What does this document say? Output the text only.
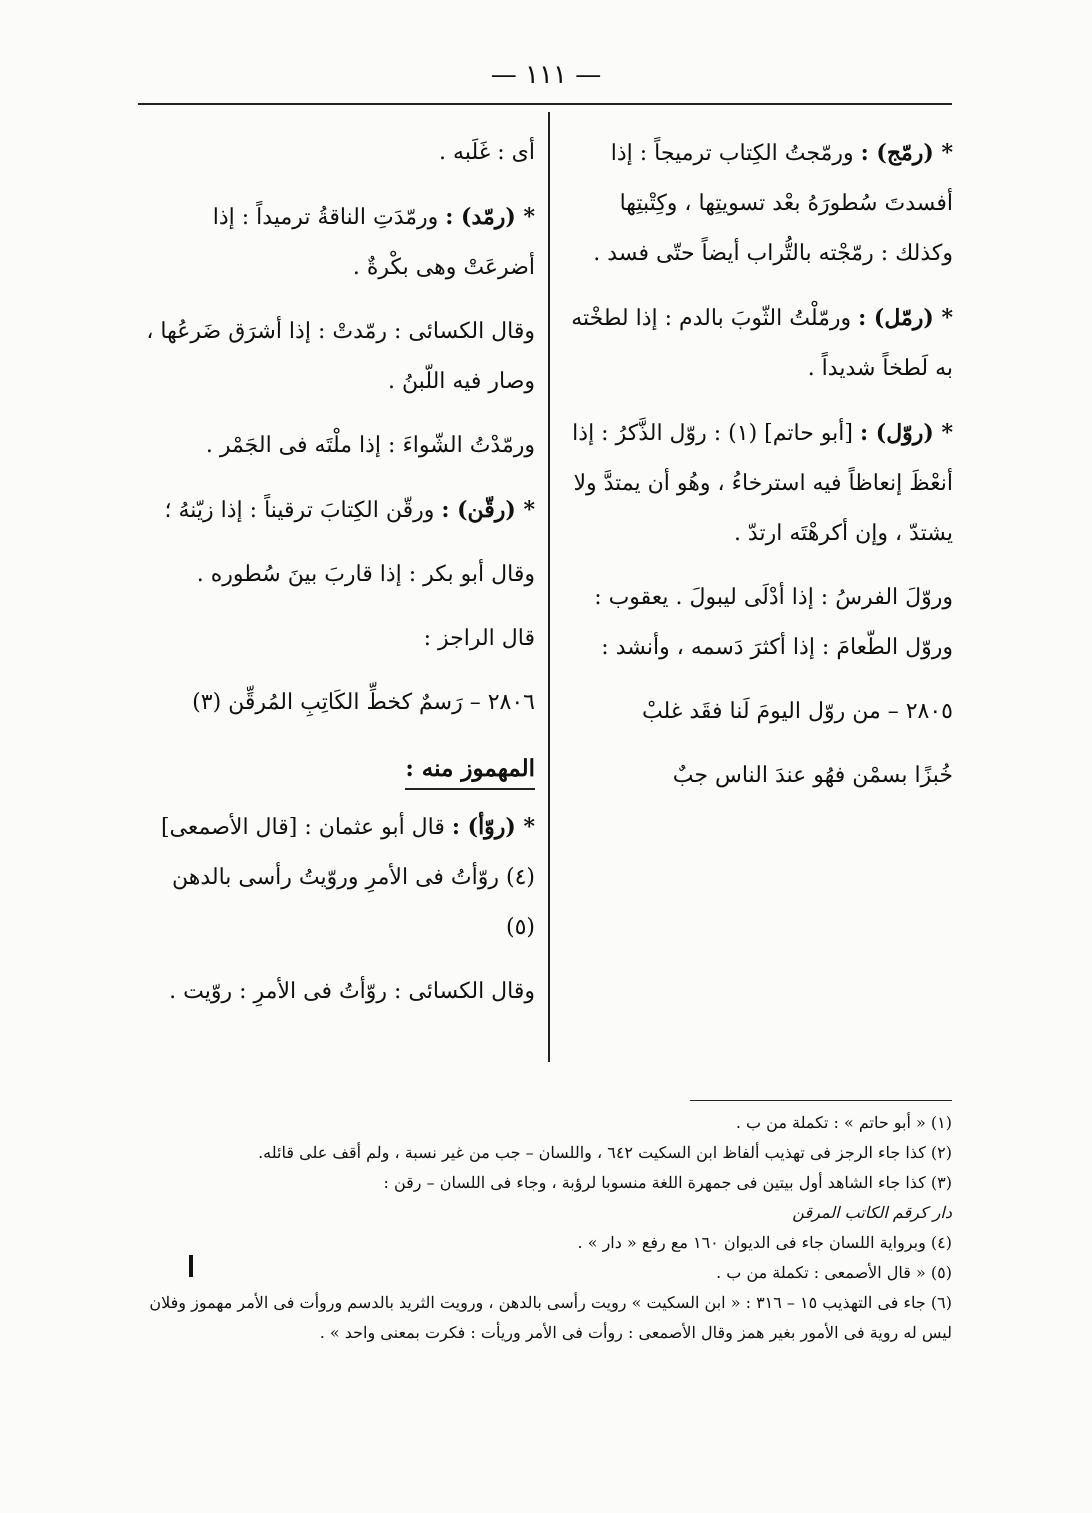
— ١١١ —
* (رمّج) : ورمّجتُ الكِتاب ترميجاً : إذا أفسدتَ سُطورَهُ بعْد تسويتِها ، وكِتْبتِها وكذلك : رمّجْته بالتُّراب أيضاً حتّى فسد .
* (رمّل) : ورمّلْتُ الثّوبَ بالدم : إذا لطخْته به لَطخاً شديداً .
* (روّل) : [أبو حاتم] (١) : روّل الذَّكرُ : إذا أنعْظَ إنعاظاً فيه استرخاءُ ، وهُو أن يمتدَّ ولا يشتدّ ، وإن أكرهْتَه ارتدّ .
وروّلَ الفرسُ : إذا أدْلَى ليبولَ . يعقوب : وروّل الطّعامَ : إذا أكثرَ دَسمه ، وأنشد :
٢٨٠٥ – من روّل اليومَ لَنا فقَد غلبْ
خُبزًا بسمْن فهُو عندَ الناس جبٌ
أى : غَلَبه .
* (رمّد) : ورمّدَتِ الناقةُ ترميداً : إذا أضرعَتْ وهى بكْرةٌ .
وقال الكسائى : رمّدتْ : إذا أشرَق ضَرعُها ، وصار فيه اللّبنُ .
ورمّدْتُ الشّواءَ : إذا ملْتَه فى الجَمْر .
* (رقّن) : ورقّن الكِتابَ ترقيناً : إذا زيّنهُ ؛
وقال أبو بكر : إذا قاربَ بينَ سُطوره .
قال الراجز :
٢٨٠٦ – رَسمٌ كخطِّ الكَاتِبِ المُرقِّن (٣)
المهموز منه :
* (روّأ) : قال أبو عثمان : [قال الأصمعى] (٤) روّأتُ فى الأمرِ وروّيتُ رأسى بالدهن (٥)
وقال الكسائى : روّأتُ فى الأمرِ : روّيت .
(١) « أبو حاتم » : تكملة من ب .
(٢) كذا جاء الرجز فى تهذيب ألفاظ ابن السكيت ٦٤٢ ، واللسان – جب من غير نسبة ، ولم أقف على قائله.
(٣) كذا جاء الشاهد أول بيتين فى جمهرة اللغة منسوبا لرؤبة ، وجاء فى اللسان – رقن :
دار كرقم الكاتب المرقن
(٤) وبرواية اللسان جاء فى الديوان ١٦٠ مع رفع « دار » .
(٥) « قال الأصمعى : تكملة من ب .
(٦) جاء فى التهذيب ١٥ – ٣١٦ : « ابن السكيت » رويت رأسى بالدهن ، ورويت الثريد بالدسم وروأت فى الأمر مهموز وفلان ليس له روية فى الأمور بغير همز وقال الأصمعى : روأت فى الأمر وريأت : فكرت بمعنى واحد » .
